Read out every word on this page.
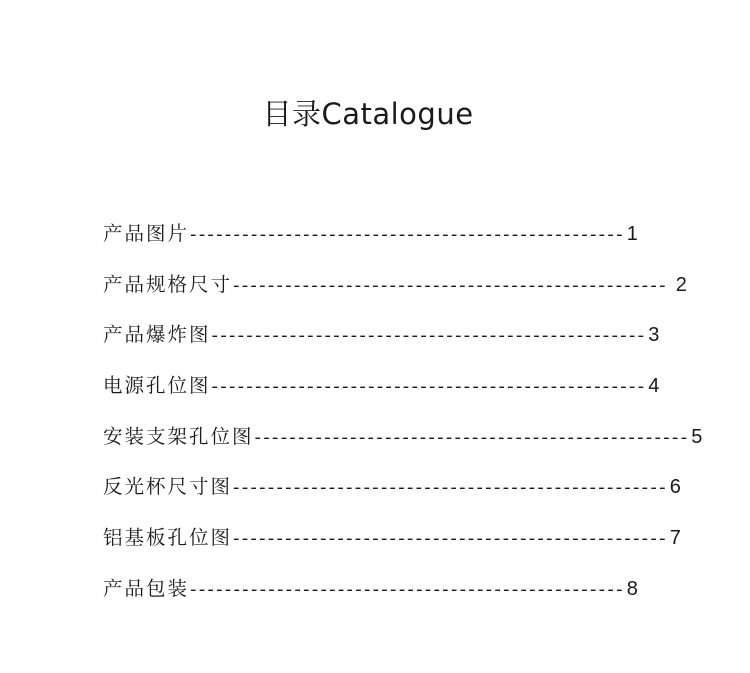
目录Catalogue
产品图片 -------------------------------------------------- 1
产品规格尺寸 -------------------------------------------------- 2
产品爆炸图 -------------------------------------------------- 3
电源孔位图 -------------------------------------------------- 4
安装支架孔位图 -------------------------------------------------- 5
反光杯尺寸图 -------------------------------------------------- 6
铝基板孔位图 -------------------------------------------------- 7
产品包装 -------------------------------------------------- 8
